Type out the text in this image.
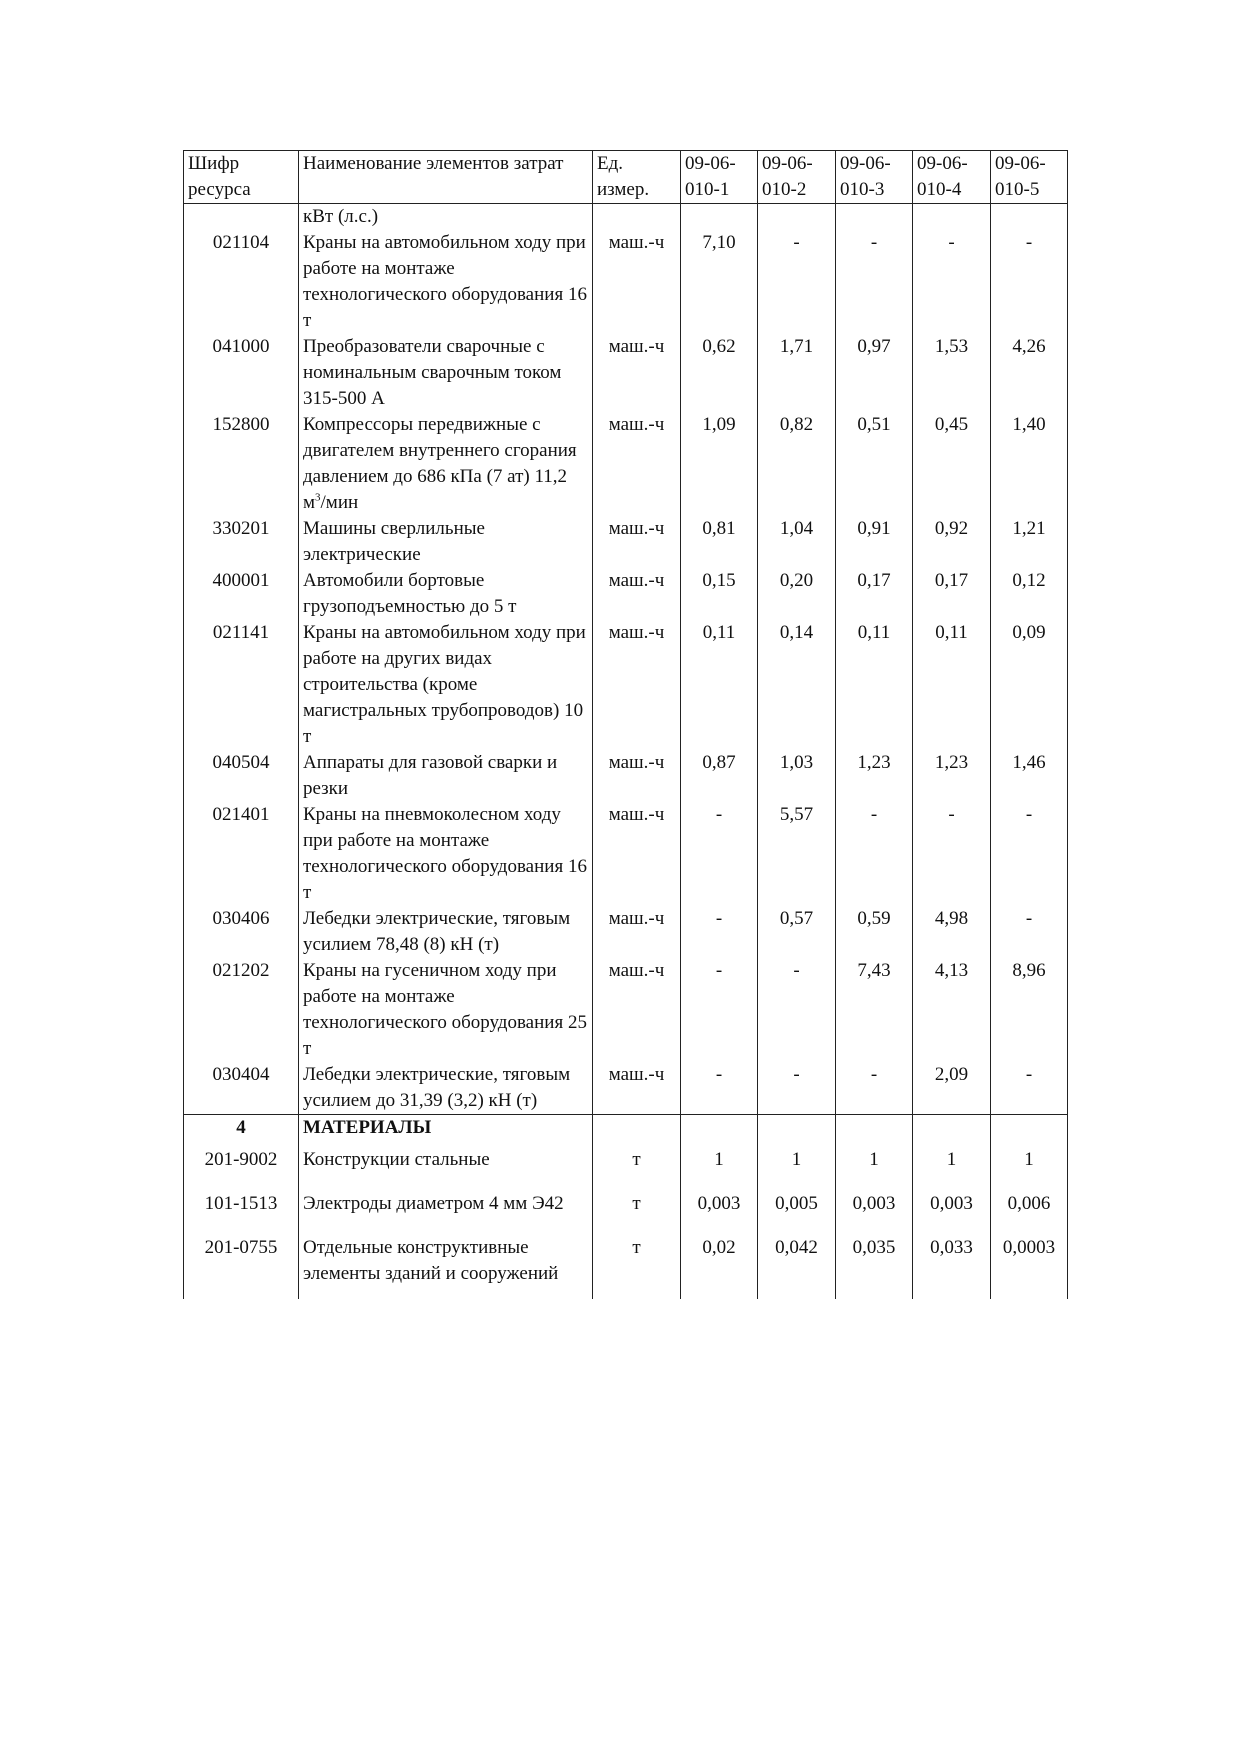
Шифр ресурса	Наименование элементов затрат	Ед. измер.	09-06-010-1	09-06-010-2	09-06-010-3	09-06-010-4	09-06-010-5
	кВт (л.с.)						
021104	Краны на автомобильном ходу при работе на монтаже технологического оборудования 16 т	маш.-ч	7,10	-	-	-	-
041000	Преобразователи сварочные с номинальным сварочным током 315-500 А	маш.-ч	0,62	1,71	0,97	1,53	4,26
152800	Компрессоры передвижные с двигателем внутреннего сгорания давлением до 686 кПа (7 ат) 11,2 $м^3$/мин	маш.-ч	1,09	0,82	0,51	0,45	1,40
330201	Машины сверлильные электрические	маш.-ч	0,81	1,04	0,91	0,92	1,21
400001	Автомобили бортовые грузоподъемностью до 5 т	маш.-ч	0,15	0,20	0,17	0,17	0,12
021141	Краны на автомобильном ходу при работе на других видах строительства (кроме магистральных трубопроводов) 10 т	маш.-ч	0,11	0,14	0,11	0,11	0,09
040504	Аппараты для газовой сварки и резки	маш.-ч	0,87	1,03	1,23	1,23	1,46
021401	Краны на пневмоколесном ходу при работе на монтаже технологического оборудования 16 т	маш.-ч	-	5,57	-	-	-
030406	Лебедки электрические, тяговым усилием 78,48 (8) кН (т)	маш.-ч	-	0,57	0,59	4,98	-
021202	Краны на гусеничном ходу при работе на монтаже технологического оборудования 25 т	маш.-ч	-	-	7,43	4,13	8,96
030404	Лебедки электрические, тяговым усилием до 31,39 (3,2) кН (т)	маш.-ч	-	-	-	2,09	-
4	МАТЕРИАЛЫ						
201-9002	Конструкции стальные	т	1	1	1	1	1
101-1513	Электроды диаметром 4 мм Э42	т	0,003	0,005	0,003	0,003	0,006
201-0755	Отдельные конструктивные элементы зданий и сооружений	т	0,02	0,042	0,035	0,033	0,0003
